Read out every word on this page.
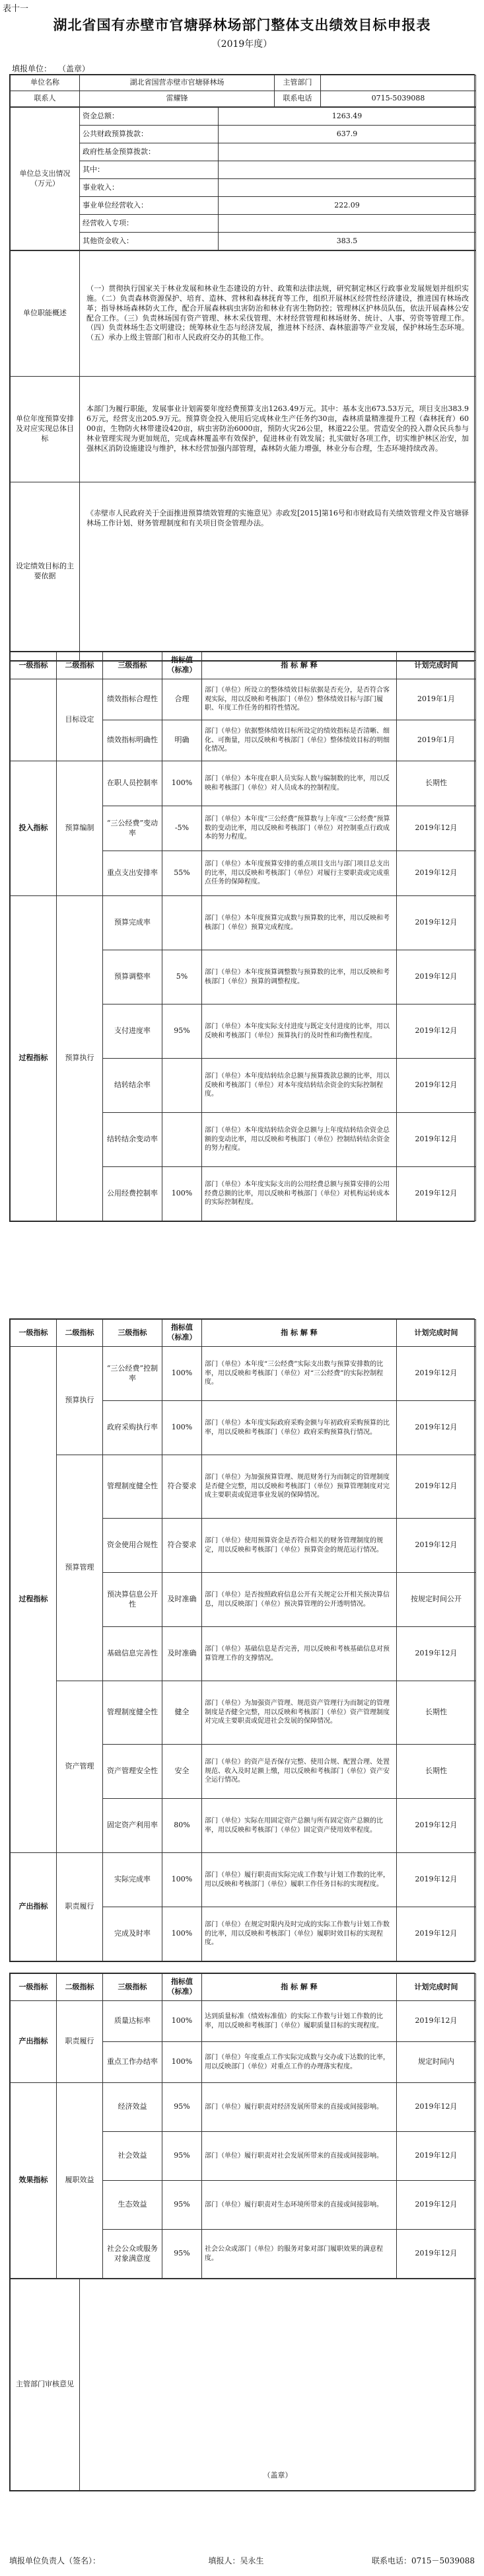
表十一
湖北省国有赤壁市官塘驿林场部门整体支出绩效目标申报表
（2019年度）
填报单位： （盖章）
单位名称	湖北省国营赤壁市官塘驿林场	主管部门	
联系人	雷耀锋	联系电话	0715-5039088
单位总支出情况（万元）	资金总额：	1263.49
	公共财政预算拨款：	637.9
	政府性基金预算拨款：	
	其中：	
	事业收入：	
	事业单位经营收入：	222.09
	经营收入专项：	
	其他资金收入：	383.5
单位职能概述	（一）贯彻执行国家关于林业发展和林业生态建设的方针、政策和法律法规，研究制定林区行政事业发展规划并组织实施。（二）负责森林资源保护、培育、造林、营林和森林抚育等工作，组织开展林区经营性经济建设，推进国有林场改革；指导林场森林防火工作，配合开展森林病虫害防治和林业有害生物防控；管理林区护林员队伍，依法开展森林公安配合工作。（三）负责林场国有资产管理、林木采伐管理、木材经营管理和林场财务、统计、人事、劳资等管理工作。（四）负责林场生态文明建设；统筹林业生态与经济发展，推进林下经济、森林旅游等产业发展，保护林场生态环境。（五）承办上级主管部门和市人民政府交办的其他工作。
单位年度预算安排及对应实现总体目标	本部门为履行职能，发展事业计划需要年度经费预算支出1263.49万元。其中：基本支出673.53万元，项目支出383.96万元，经营支出205.9万元。预算资金投入使用后完成林业生产任务约30亩，森林质量精准提升工程（森林抚育）6000亩，生物防火林带建设420亩，病虫害防治6000亩，预防火灾26公里，林道22公里。营造安全的投入群众民兵参与林业管理实现为更加规范，完成森林覆盖率有效保护，促进林业有效发展；扎实做好各项工作，切实维护林区治安，加强林区消防设施建设与维护，林木经营加强内部管理，森林防火能力增强，林业分布合理，生态环境持续改善。
设定绩效目标的主要依据	《赤壁市人民政府关于全面推进预算绩效管理的实施意见》赤政发[2015]第16号和市财政局有关绩效管理文件及官塘驿林场工作计划、财务管理制度和有关项目资金管理办法。
一级指标	二级指标	三级指标	指标值（标准）	指 标 解 释	计划完成时间
	目标设定	绩效指标合理性	合理	部门（单位）所设立的整体绩效目标依据是否充分，是否符合客观实际，用以反映和考核部门（单位）整体绩效目标与部门履职、年度工作任务的相符性情况。	2019年1月
		绩效指标明确性	明确	部门（单位）依据整体绩效目标所设定的绩效指标是否清晰、细化、可衡量，用以反映和考核部门（单位）整体绩效目标的明细化情况。	2019年1月
投入指标	预算编制	在职人员控制率	100%	部门（单位）本年度在职人员实际人数与编制数的比率，用以反映和考核部门（单位）对人员成本的控制程度。	长期性
		“三公经费”变动率	-5%	部门（单位）本年度“三公经费”预算数与上年度“三公经费”预算数的变动比率，用以反映和考核部门（单位）对控制重点行政成本的努力程度。	2019年12月
		重点支出安排率	55%	部门（单位）本年度预算安排的重点项目支出与部门项目总支出的比率，用以反映和考核部门（单位）对履行主要职责或完成重点任务的保障程度。	2019年12月
过程指标	预算执行	预算完成率		部门（单位）本年度预算完成数与预算数的比率，用以反映和考核部门（单位）预算完成程度。	2019年12月
		预算调整率	5%	部门（单位）本年度预算调整数与预算数的比率，用以反映和考核部门（单位）预算的调整程度。	2019年12月
		支付进度率	95%	部门（单位）本年度实际支付进度与既定支付进度的比率，用以反映和考核部门（单位）预算执行的及时性和均衡性程度。	2019年12月
		结转结余率		部门（单位）本年度结转结余总额与预算拨款总额的比率，用以反映和考核部门（单位）对本年度结转结余资金的实际控制程度。	2019年12月
		结转结余变动率		部门（单位）本年度结转结余资金总额与上年度结转结余资金总额的变动比率，用以反映和考核部门（单位）控制结转结余资金的努力程度。	2019年12月
		公用经费控制率	100%	部门（单位）本年度实际支出的公用经费总额与预算安排的公用经费总额的比率，用以反映和考核部门（单位）对机构运转成本的实际控制程度。	2019年12月
一级指标	二级指标	三级指标	指标值（标准）	指 标 解 释	计划完成时间
过程指标	预算执行	“三公经费”控制率	100%	部门（单位）本年度“三公经费”实际支出数与预算安排数的比率，用以反映和考核部门（单位）对“三公经费”的实际控制程度。	2019年12月
		政府采购执行率	100%	部门（单位）本年度实际政府采购金额与年初政府采购预算的比率，用以反映和考核部门（单位）政府采购预算执行情况。	2019年12月
	预算管理	管理制度健全性	符合要求	部门（单位）为加强预算管理、规范财务行为而制定的管理制度是否健全完整，用以反映和考核部门（单位）预算管理制度对完成主要职责或促进事业发展的保障情况。	2019年12月
		资金使用合规性	符合要求	部门（单位）使用预算资金是否符合相关的财务管理制度的规定，用以反映和考核部门（单位）预算资金的规范运行情况。	2019年12月
		预决算信息公开性	及时准确	部门（单位）是否按照政府信息公开有关规定公开相关预决算信息，用以反映部门（单位）预决算管理的公开透明情况。	按规定时间公开
		基础信息完善性	及时准确	部门（单位）基础信息是否完善，用以反映和考核基础信息对预算管理工作的支撑情况。	2019年12月
	资产管理	管理制度健全性	健全	部门（单位）为加强资产管理、规范资产管理行为而制定的管理制度是否健全完整，用以反映和考核部门（单位）资产管理制度对完成主要职责或促进社会发展的保障情况。	长期性
		资产管理安全性	安全	部门（单位）的资产是否保存完整、使用合规、配置合理、处置规范、收入及时足额上缴，用以反映和考核部门（单位）资产安全运行情况。	长期性
		固定资产利用率	80%	部门（单位）实际在用固定资产总额与所有固定资产总额的比率，用以反映和考核部门（单位）固定资产使用效率程度。	2019年12月
产出指标	职责履行	实际完成率	100%	部门（单位）履行职责而实际完成工作数与计划工作数的比率，用以反映和考核部门（单位）履职工作任务目标的实现程度。	2019年12月
		完成及时率	100%	部门（单位）在规定时限内及时完成的实际工作数与计划工作数的比率，用以反映和考核部门（单位）履职时效目标的实现程度。	2019年12月
一级指标	二级指标	三级指标	指标值（标准）	指 标 解 释	计划完成时间
产出指标	职责履行	质量达标率	100%	达到质量标准（绩效标准值）的实际工作数与计划工作数的比率，用以反映和考核部门（单位）履职质量目标的实现程度。	2019年12月
		重点工作办结率	100%	部门（单位）年度重点工作实际完成数与交办或下达数的比率，用以反映部门（单位）对重点工作的办理落实程度。	规定时间内
效果指标	履职效益	经济效益	95%	部门（单位）履行职责对经济发展所带来的直接或间接影响。	2019年12月
		社会效益	95%	部门（单位）履行职责对社会发展所带来的直接或间接影响。	2019年12月
		生态效益	95%	部门（单位）履行职责对生态环境所带来的直接或间接影响。	2019年12月
		社会公众或服务对象满意度	95%	社会公众或部门（单位）的服务对象对部门履职效果的满意程度。	2019年12月
主管部门审核意见	（盖章）
填报单位负责人（签名）：	填报人：吴永生	联系电话：0715－5039088
